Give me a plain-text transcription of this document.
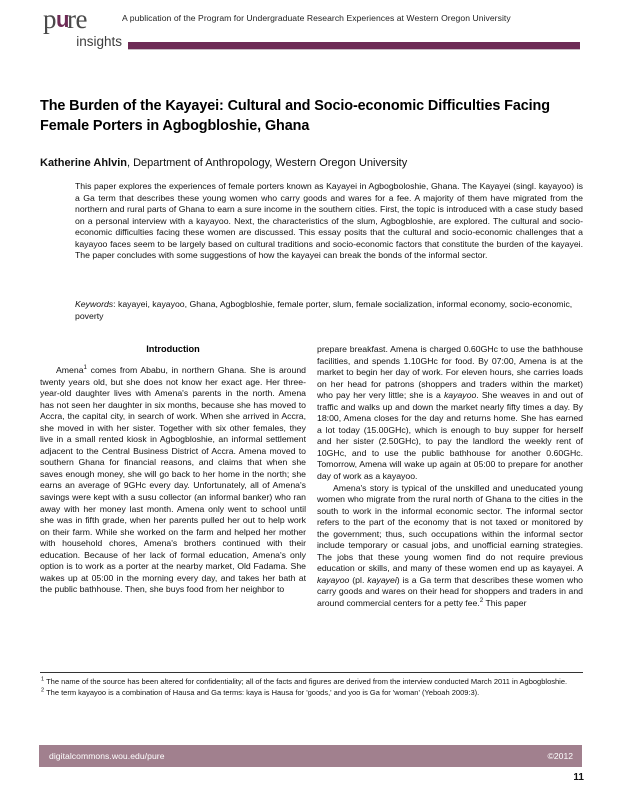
pure
insights
A publication of the Program for Undergraduate Research Experiences at Western Oregon University
The Burden of the Kayayei: Cultural and Socio-economic Difficulties Facing Female Porters in Agbogbloshie, Ghana
Katherine Ahlvin, Department of Anthropology, Western Oregon University
This paper explores the experiences of female porters known as Kayayei in Agbogboloshie, Ghana. The Kayayei (singl. kayayoo) is a Ga term that describes these young women who carry goods and wares for a fee. A majority of them have migrated from the northern and rural parts of Ghana to earn a sure income in the southern cities. First, the topic is introduced with a case study based on a personal interview with a kayayoo. Next, the characteristics of the slum, Agbogbloshie, are explored. The cultural and socio-economic difficulties facing these women are discussed. This essay posits that the cultural and socio-economic challenges that a kayayoo faces seem to be largely based on cultural traditions and socio-economic factors that constitute the burden of the kayayei. The paper concludes with some suggestions of how the kayayei can break the bonds of the informal sector.
Keywords: kayayei, kayayoo, Ghana, Agbogbloshie, female porter, slum, female socialization, informal economy, socio-economic, poverty
Introduction

Amena$^1$ comes from Ababu, in northern Ghana. She is around twenty years old, but she does not know her exact age. Her three-year-old daughter lives with Amena's parents in the north. Amena has not seen her daughter in six months, because she has moved to Accra, the capital city, in search of work. When she arrived in Accra, she moved in with her sister. Together with six other females, they live in a small rented kiosk in Agbogbloshie, an informal settlement adjacent to the Central Business District of Accra. Amena moved to southern Ghana for financial reasons, and claims that when she saves enough money, she will go back to her home in the north; she earns an average of 9GHc every day. Unfortunately, all of Amena's savings were kept with a susu collector (an informal banker) who ran away with her money last month. Amena only went to school until she was in fifth grade, when her parents pulled her out to help work on their farm. While she worked on the farm and helped her mother with household chores, Amena's brothers continued with their education. Because of her lack of formal education, Amena's only option is to work as a porter at the nearby market, Old Fadama. She wakes up at 05:00 in the morning every day, and takes her bath at the public bathhouse. Then, she buys food from her neighbor to

prepare breakfast. Amena is charged 0.60GHc to use the bathhouse facilities, and spends 1.10GHc for food. By 07:00, Amena is at the market to begin her day of work. For eleven hours, she carries loads on her head for patrons (shoppers and traders within the market) who pay her very little; she is a kayayoo. She weaves in and out of traffic and walks up and down the market nearly fifty times a day. By 18:00, Amena closes for the day and returns home. She has earned a lot today (15.00GHc), which is enough to buy supper for herself and her sister (2.50GHc), to pay the landlord the weekly rent of 10GHc, and to use the public bathhouse for another 0.60GHc. Tomorrow, Amena will wake up again at 05:00 to prepare for another day of work as a kayayoo.

Amena's story is typical of the unskilled and uneducated young women who migrate from the rural north of Ghana to the cities in the south to work in the informal economic sector. The informal sector refers to the part of the economy that is not taxed or monitored by the government; thus, such occupations within the informal sector include temporary or casual jobs, and unofficial earning strategies. The jobs that these young women find do not require previous education or skills, and many of these women end up as kayayei. A kayayoo (pl. kayayei) is a Ga term that describes these women who carry goods and wares on their head for shoppers and traders in and around commercial centers for a petty fee.$^2$ This paper

$^1$ The name of the source has been altered for confidentiality; all of the facts and figures are derived from the interview conducted March 2011 in Agbogbloshie.
$^2$ The term kayayoo is a combination of Hausa and Ga terms: kaya is Hausa for 'goods,' and yoo is Ga for 'woman' (Yeboah 2009:3).
digitalcommons.wou.edu/pure	©2012
11
